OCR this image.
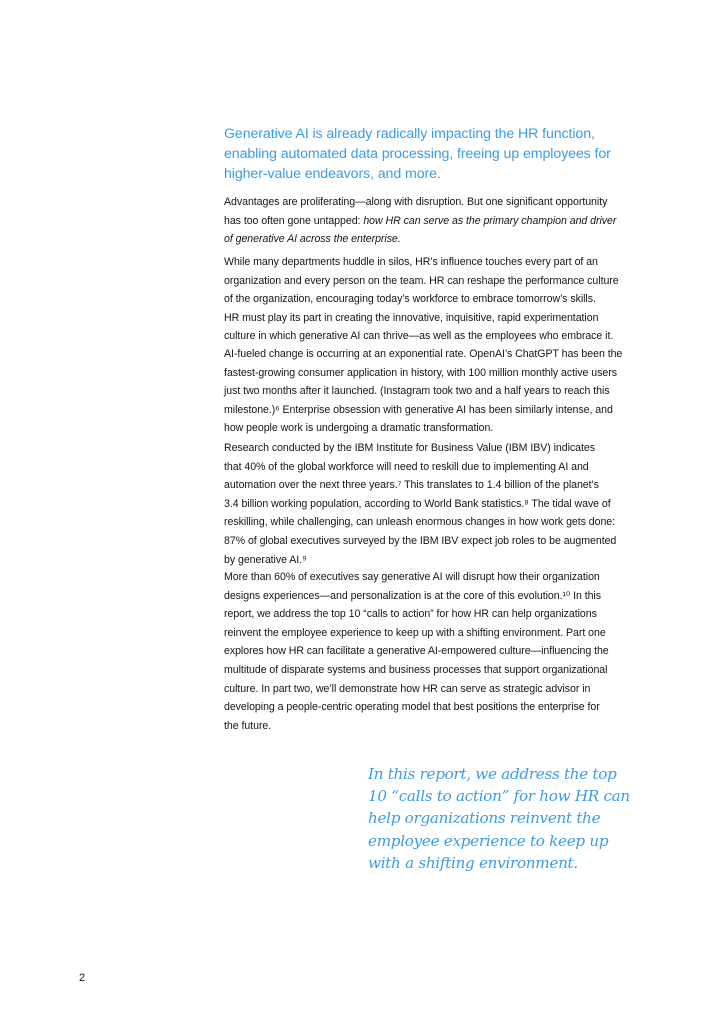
Generative AI is already radically impacting the HR function,
enabling automated data processing, freeing up employees for
higher-value endeavors, and more.
Advantages are proliferating—along with disruption. But one significant opportunity
has too often gone untapped: how HR can serve as the primary champion and driver
of generative AI across the enterprise.
While many departments huddle in silos, HR’s influence touches every part of an
organization and every person on the team. HR can reshape the performance culture
of the organization, encouraging today’s workforce to embrace tomorrow’s skills.
HR must play its part in creating the innovative, inquisitive, rapid experimentation
culture in which generative AI can thrive—as well as the employees who embrace it.
AI-fueled change is occurring at an exponential rate. OpenAI’s ChatGPT has been the
fastest-growing consumer application in history, with 100 million monthly active users
just two months after it launched. (Instagram took two and a half years to reach this
milestone.)⁶ Enterprise obsession with generative AI has been similarly intense, and
how people work is undergoing a dramatic transformation.
Research conducted by the IBM Institute for Business Value (IBM IBV) indicates
that 40% of the global workforce will need to reskill due to implementing AI and
automation over the next three years.⁷ This translates to 1.4 billion of the planet’s
3.4 billion working population, according to World Bank statistics.⁸ The tidal wave of
reskilling, while challenging, can unleash enormous changes in how work gets done:
87% of global executives surveyed by the IBM IBV expect job roles to be augmented
by generative AI.⁹
More than 60% of executives say generative AI will disrupt how their organization
designs experiences—and personalization is at the core of this evolution.¹⁰ In this
report, we address the top 10 “calls to action” for how HR can help organizations
reinvent the employee experience to keep up with a shifting environment. Part one
explores how HR can facilitate a generative AI-empowered culture—influencing the
multitude of disparate systems and business processes that support organizational
culture. In part two, we’ll demonstrate how HR can serve as strategic advisor in
developing a people-centric operating model that best positions the enterprise for
the future.
In this report, we address the top
10 “calls to action” for how HR can
help organizations reinvent the
employee experience to keep up
with a shifting environment.
2
